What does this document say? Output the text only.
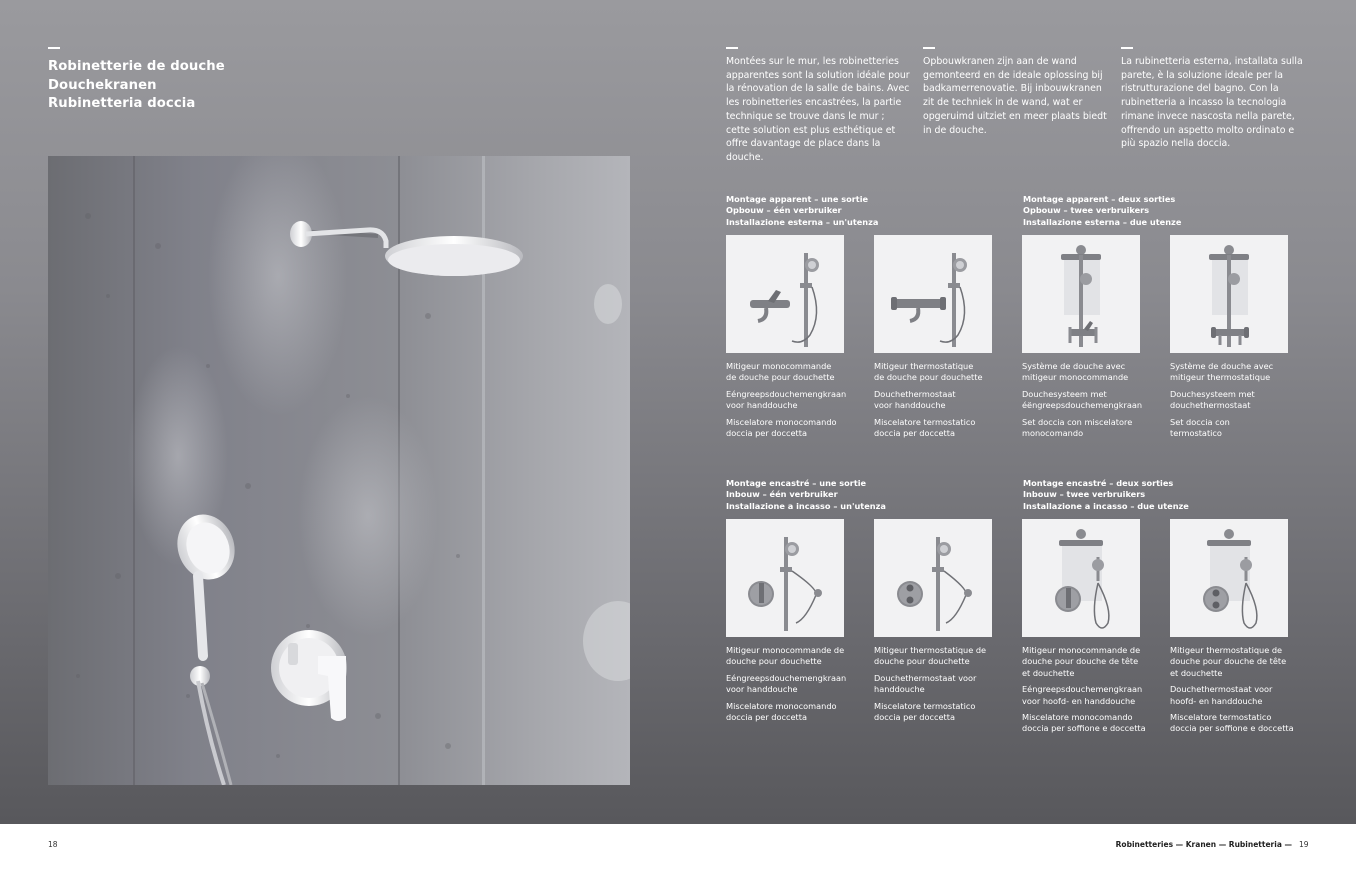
Robinetterie de douche
Douchekranen
Rubinetteria doccia

Montées sur le mur, les robinetteries apparentes sont la solution idéale pour la rénovation de la salle de bains. Avec les robinetteries encastrées, la partie technique se trouve dans le mur ; cette solution est plus esthétique et offre davantage de place dans la douche.

Opbouwkranen zijn aan de wand gemonteerd en de ideale oplossing bij badkamerrenovatie. Bij inbouwkranen zit de techniek in de wand, wat er opgeruimd uitziet en meer plaats biedt in de douche.

La rubinetteria esterna, installata sulla parete, è la soluzione ideale per la ristrutturazione del bagno. Con la rubinetteria a incasso la tecnologia rimane invece nascosta nella parete, offrendo un aspetto molto ordinato e più spazio nella doccia.

Montage apparent – une sortie
Opbouw – één verbruiker
Installazione esterna – un'utenza
Montage apparent – deux sorties
Opbouw – twee verbruikers
Installazione esterna – due utenze
Montage encastré – une sortie
Inbouw – één verbruiker
Installazione a incasso – un'utenza
Montage encastré – deux sorties
Inbouw – twee verbruikers
Installazione a incasso – due utenze

Mitigeur monocommande
de douche pour douchette

Eéngreepsdouchemengkraan
voor handdouche

Miscelatore monocomando
doccia per doccetta

Mitigeur thermostatique
de douche pour douchette

Douchethermostaat
voor handdouche

Miscelatore termostatico
doccia per doccetta

Système de douche avec
mitigeur monocommande

Douchesysteem met
éëngreepsdouchemengkraan

Set doccia con miscelatore
monocomando

Système de douche avec
mitigeur thermostatique

Douchesysteem met
douchethermostaat

Set doccia con
termostatico

Mitigeur monocommande de
douche pour douchette

Eéngreepsdouchemengkraan
voor handdouche

Miscelatore monocomando
doccia per doccetta

Mitigeur thermostatique de
douche pour douchette

Douchethermostaat voor
handdouche

Miscelatore termostatico
doccia per doccetta

Mitigeur monocommande de
douche pour douche de tête
et douchette

Eéngreepsdouchemengkraan
voor hoofd- en handdouche

Miscelatore monocomando
doccia per soffione e doccetta

Mitigeur thermostatique de
douche pour douche de tête
et douchette

Douchethermostaat voor
hoofd- en handdouche

Miscelatore termostatico
doccia per soffione e doccetta

18	Robinetteries — Kranen — Rubinetteria — 19
